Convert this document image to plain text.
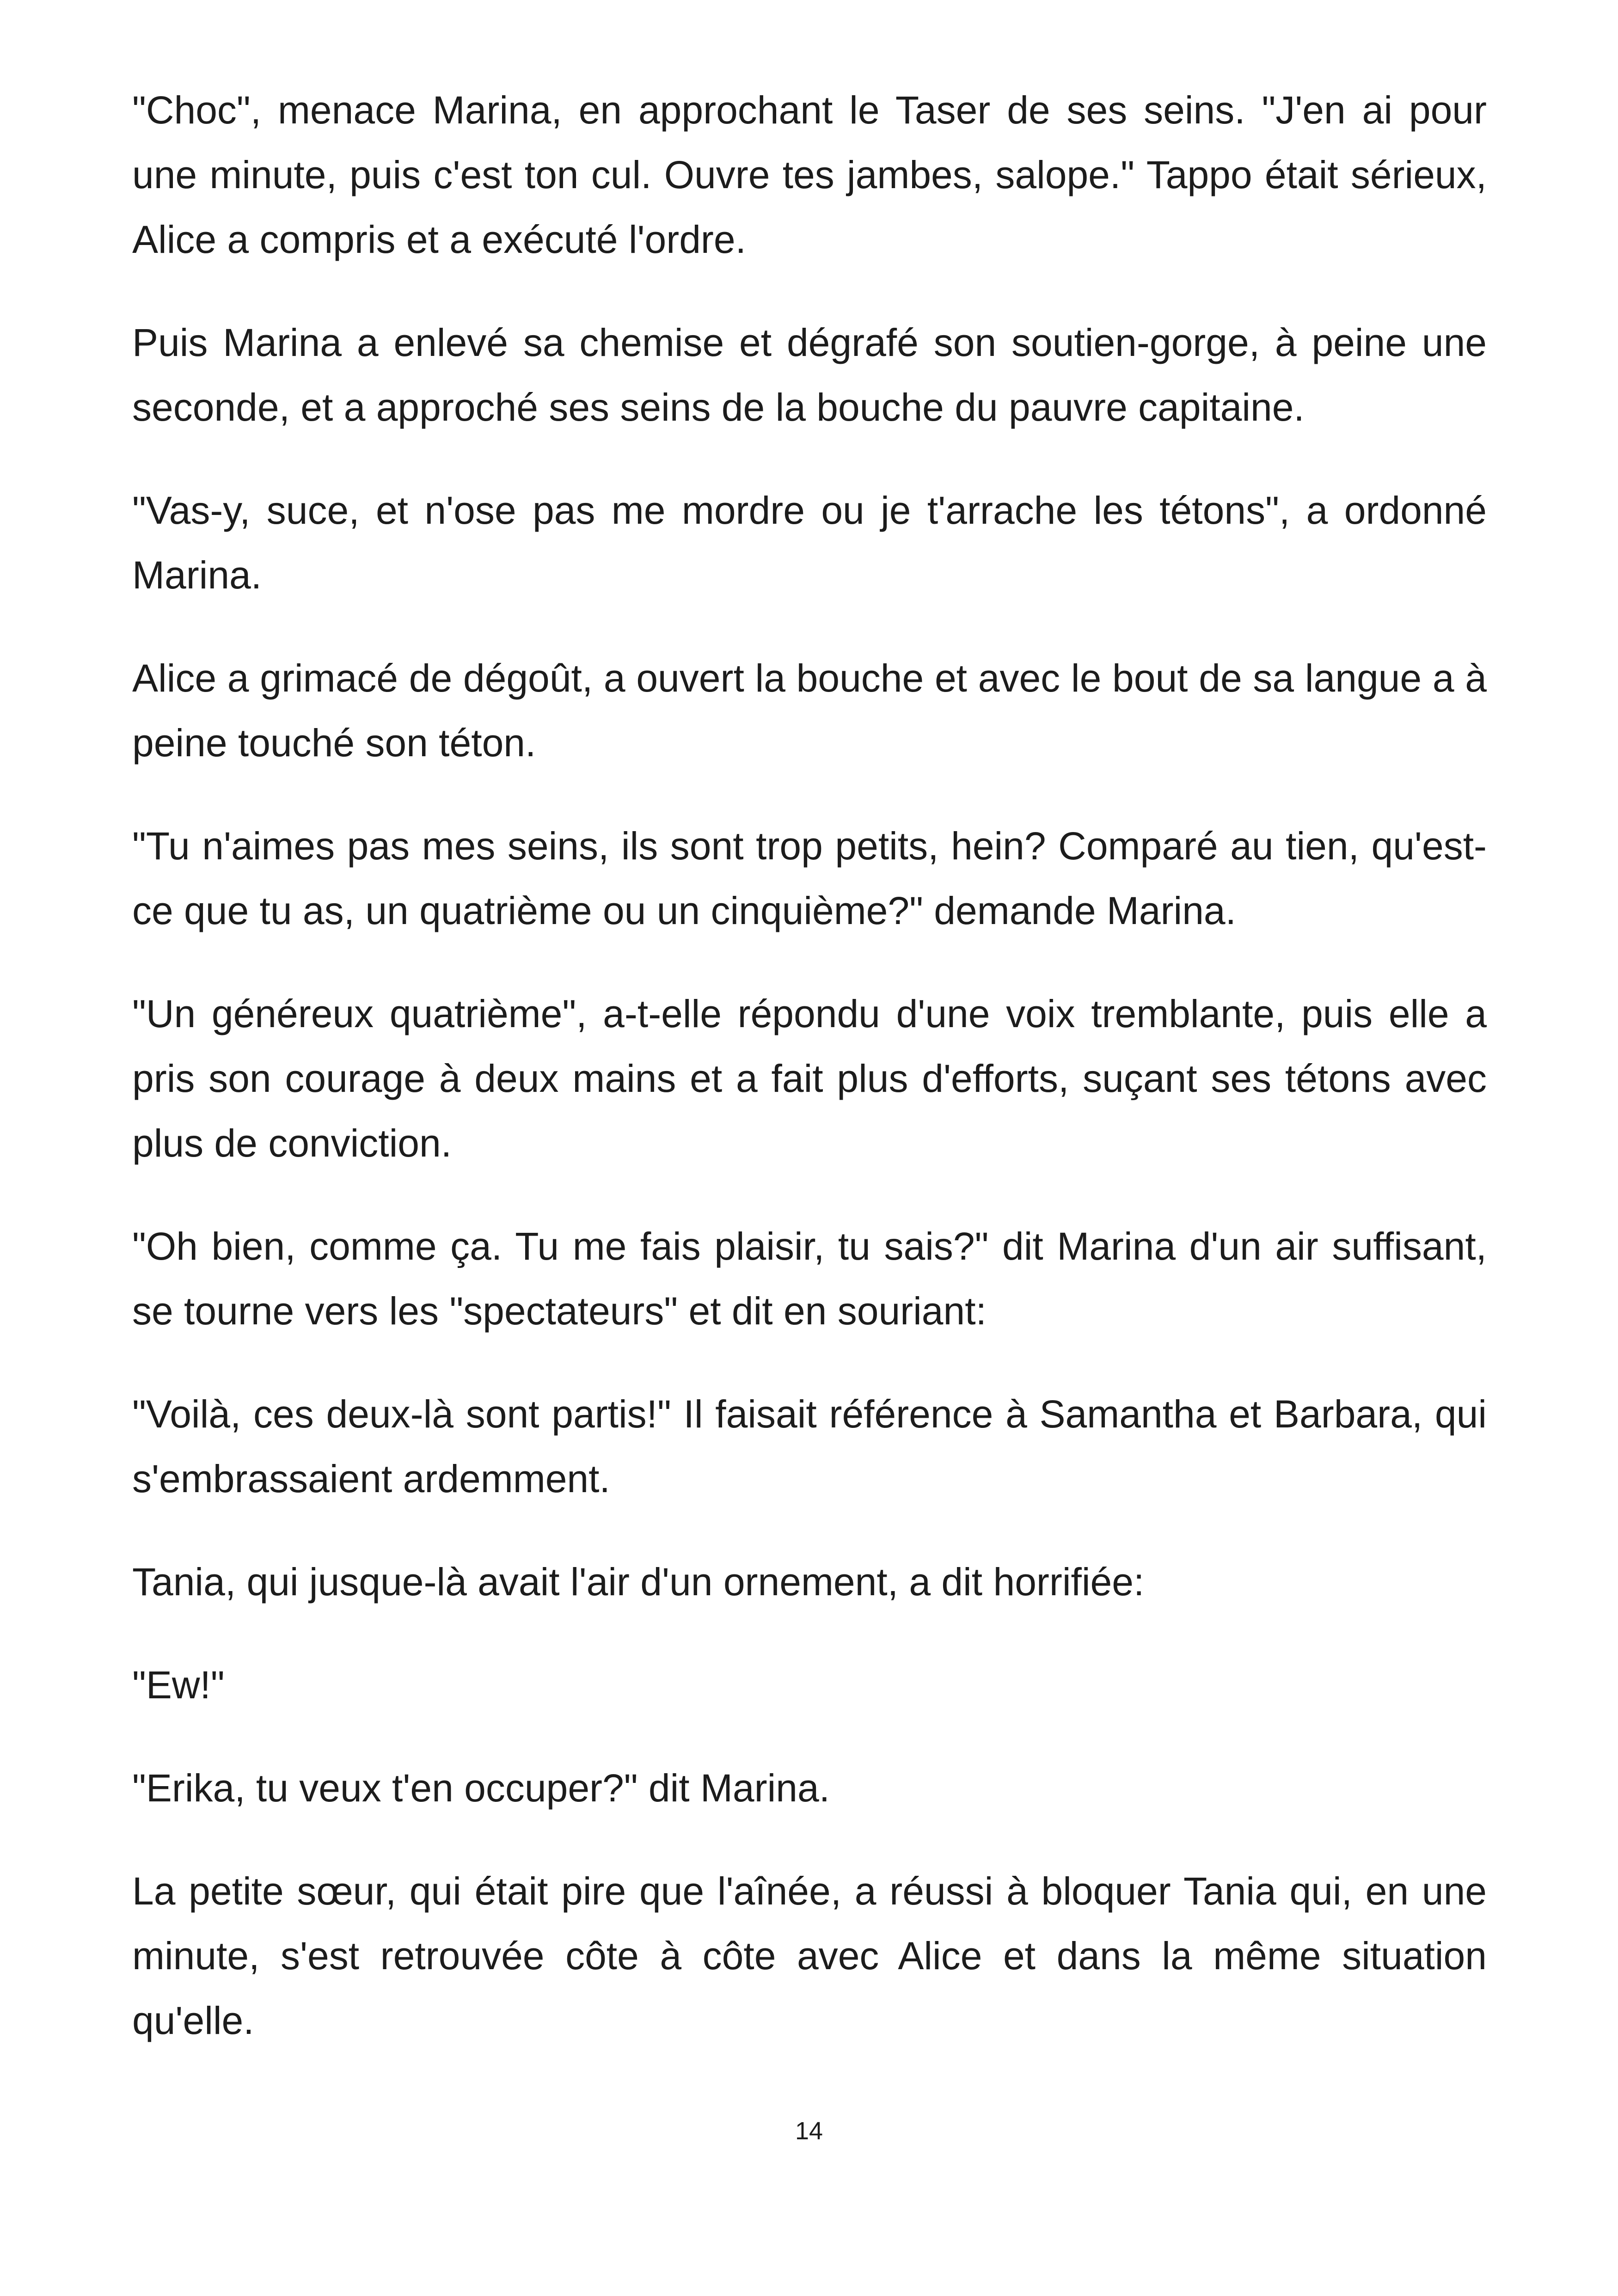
"Choc", menace Marina, en approchant le Taser de ses seins. "J'en ai pour une minute, puis c'est ton cul. Ouvre tes jambes, salope." Tappo était sérieux, Alice a compris et a exécuté l'ordre.

Puis Marina a enlevé sa chemise et dégrafé son soutien-gorge, à peine une seconde, et a approché ses seins de la bouche du pauvre capitaine.

"Vas-y, suce, et n'ose pas me mordre ou je t'arrache les tétons", a ordonné Marina.

Alice a grimacé de dégoût, a ouvert la bouche et avec le bout de sa langue a à peine touché son téton.

"Tu n'aimes pas mes seins, ils sont trop petits, hein? Comparé au tien, qu'est-ce que tu as, un quatrième ou un cinquième?" demande Marina.

"Un généreux quatrième", a-t-elle répondu d'une voix tremblante, puis elle a pris son courage à deux mains et a fait plus d'efforts, suçant ses tétons avec plus de conviction.

"Oh bien, comme ça. Tu me fais plaisir, tu sais?" dit Marina d'un air suffisant, se tourne vers les "spectateurs" et dit en souriant:

"Voilà, ces deux-là sont partis!" Il faisait référence à Samantha et Barbara, qui s'embrassaient ardemment.

Tania, qui jusque-là avait l'air d'un ornement, a dit horrifiée:

"Ew!"

"Erika, tu veux t'en occuper?" dit Marina.

La petite sœur, qui était pire que l'aînée, a réussi à bloquer Tania qui, en une minute, s'est retrouvée côte à côte avec Alice et dans la même situation qu'elle.

14
